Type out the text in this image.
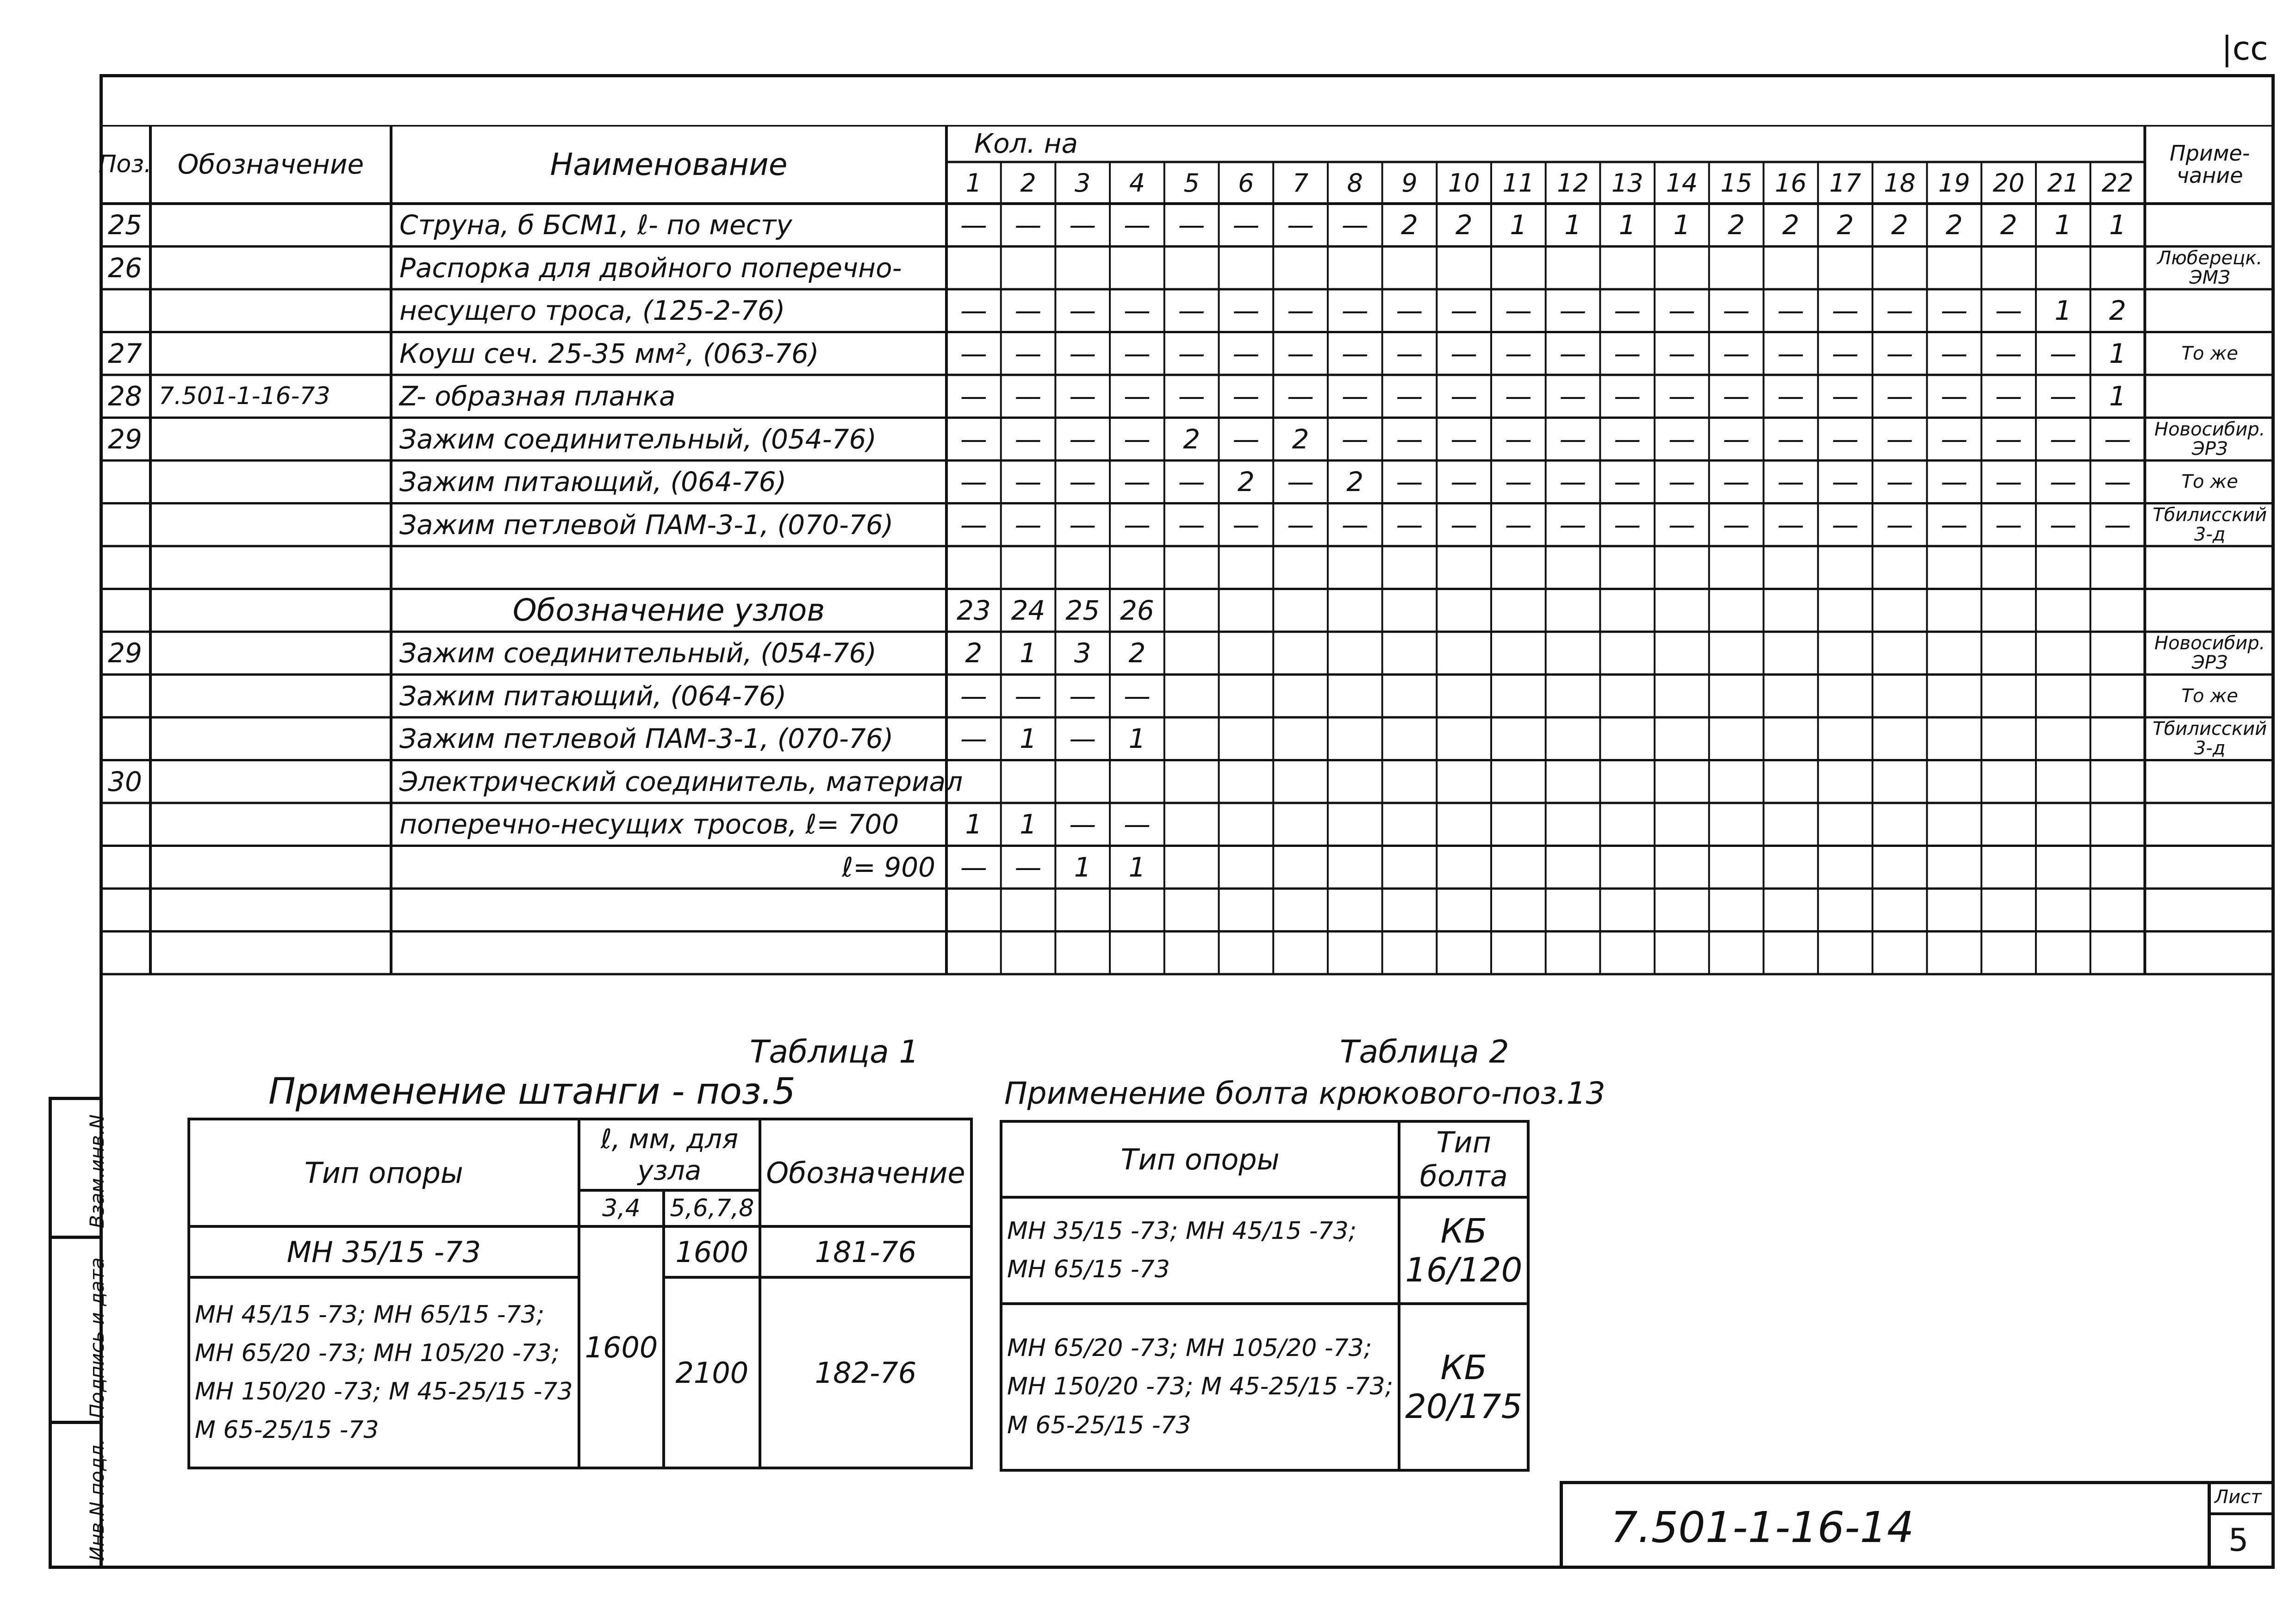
|cc
Инв.N подл.
Подпись и дата
Взам.инв.N
Поз. Обозначение	Наименование
Кол. на	Приме-
чание
1	2	3	4	5	6	7	8	9	10 11 12 13 14 15 16 17 18 19 20 21 22
25	Струна, б БСМ1, ℓ- по месту	—	—	—	—	—	—	—	—	2	2	1	1	1	1	2	2	2	2	2	2	1	1
26	Распорка для двойного поперечно-	Люберецк. ЭМЗ
несущего троса, (125-2-76)	—	—	—	—	—	—	—	—	—	—	—	—	—	—	—	—	—	—	—	—	1	2
27	Коуш сеч. 25-35 мм², (063-76)	—	—	—	—	—	—	—	—	—	—	—	—	—	—	—	—	—	—	—	—	—	1	То же
28 7.501-1-16-73	Z- образная планка	—	—	—	—	—	—	—	—	—	—	—	—	—	—	—	—	—	—	—	—	—	1
29	Зажим соединительный, (054-76)	—	—	—	—	2	—	2	—	—	—	—	—	—	—	—	—	—	—	—	—	—	—	Новосибир. ЭРЗ
Зажим питающий, (064-76)	—	—	—	—	—	2	—	2	—	—	—	—	—	—	—	—	—	—	—	—	—	—	То же
Зажим петлевой ПАМ-3-1, (070-76)	—	—	—	—	—	—	—	—	—	—	—	—	—	—	—	—	—	—	—	—	—	—	Тбилисский 3-д
Обозначение узлов	23 24 25 26
29	Зажим соединительный, (054-76)	2	1	3	2	Новосибир. ЭРЗ
Зажим питающий, (064-76)	—	—	—	—	То же
Зажим петлевой ПАМ-3-1, (070-76)	—	1	—	1	Тбилисский 3-д
30	Электрический соединитель, материал
поперечно-несущих тросов, ℓ= 700	1	1	—	—
ℓ= 900 —	—	1	1
Таблица 1
Применение штанги - поз.5
Тип опоры	ℓ, мм, для узла		Обозначение
	3,4	5,6,7,8	
МН 35/15 -73	1600	1600	181-76

МН 45/15 -73; МН 65/15 -73;
МН 65/20 -73; МН 105/20 -73;
МН 150/20 -73; М 45-25/15 -73
М 65-25/15 -73		2100	182-76
Таблица 2
Применение болта крюкового-поз.13
Тип опоры	Тип болта

МН 35/15 -73; МН 45/15 -73;
МН 65/15 -73	КБ 16/120

МН 65/20 -73; МН 105/20 -73;
МН 150/20 -73; М 45-25/15 -73;
М 65-25/15 -73	КБ 20/175
7.501-1-16-14
Лист
5
